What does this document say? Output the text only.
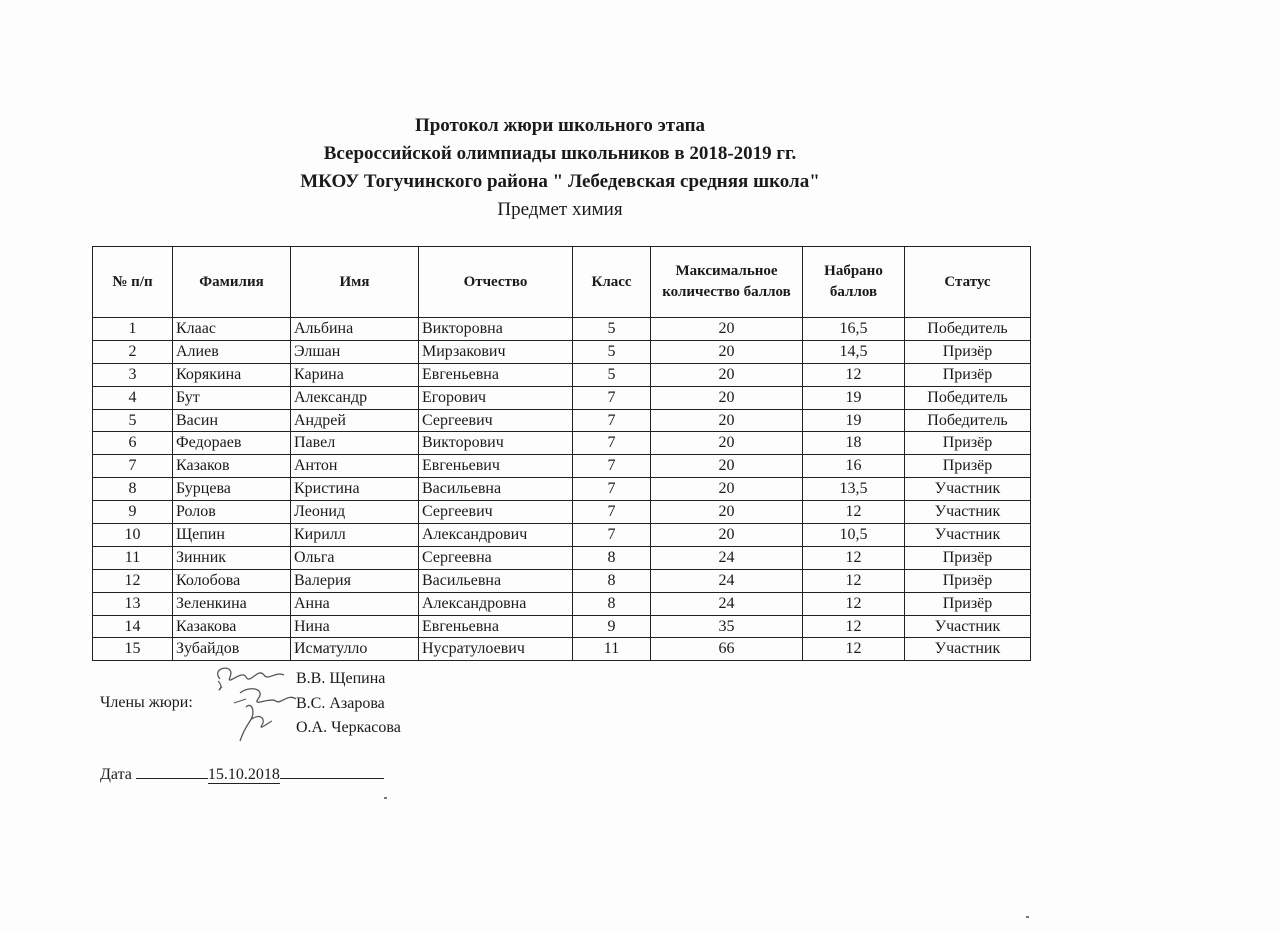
Протокол жюри школьного этапа
Всероссийской олимпиады школьников в 2018-2019 гг.
МКОУ Тогучинского района " Лебедевская средняя школа"
Предмет химия
№ п/п	Фамилия	Имя	Отчество	Класс	Максимальное количество баллов	Набрано баллов	Статус
1	Клаас	Альбина	Викторовна	5	20	16,5	Победитель
2	Алиев	Элшан	Мирзакович	5	20	14,5	Призёр
3	Корякина	Карина	Евгеньевна	5	20	12	Призёр
4	Бут	Александр	Егорович	7	20	19	Победитель
5	Васин	Андрей	Сергеевич	7	20	19	Победитель
6	Федораев	Павел	Викторович	7	20	18	Призёр
7	Казаков	Антон	Евгеньевич	7	20	16	Призёр
8	Бурцева	Кристина	Васильевна	7	20	13,5	Участник
9	Ролов	Леонид	Сергеевич	7	20	12	Участник
10	Щепин	Кирилл	Александрович	7	20	10,5	Участник
11	Зинник	Ольга	Сергеевна	8	24	12	Призёр
12	Колобова	Валерия	Васильевна	8	24	12	Призёр
13	Зеленкина	Анна	Александровна	8	24	12	Призёр
14	Казакова	Нина	Евгеньевна	9	35	12	Участник
15	Зубайдов	Исматулло	Нусратулоевич	11	66	12	Участник
Члены жюри:
В.В. Щепина
В.С. Азарова
О.А. Черкасова
Дата	15.10.2018
